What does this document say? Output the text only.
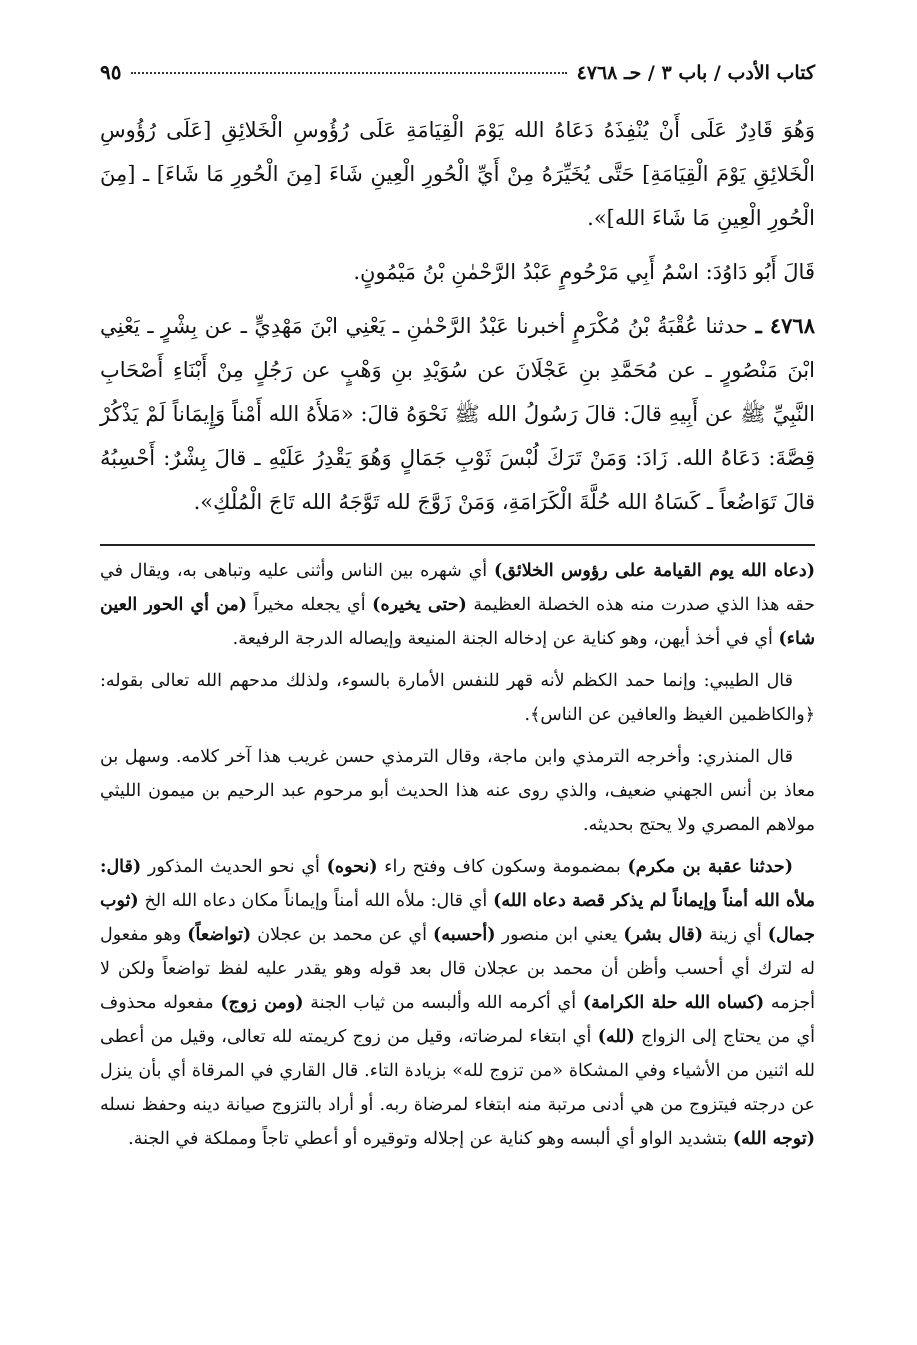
كتاب الأدب / باب ٣ / حـ ٤٧٦٨
٩٥

وَهُوَ قَادِرٌ عَلَى أَنْ يُنْفِذَهُ دَعَاهُ الله يَوْمَ الْقِيَامَةِ عَلَى رُؤُوسِ الْخَلائِقِ [عَلَى رُؤُوسِ الْخَلائِقِ يَوْمَ الْقِيَامَةِ] حَتَّى يُخَيِّرَهُ مِنْ أَيِّ الْحُورِ الْعِينِ شَاءَ [مِنَ الْحُورِ مَا شَاءَ] ـ [مِنَ الْحُورِ الْعِينِ مَا شَاءَ الله]».

قَالَ أَبُو دَاوُدَ: اسْمُ أَبِي مَرْحُومٍ عَبْدُ الرَّحْمٰنِ بْنُ مَيْمُونٍ.

٤٧٦٨ ـ حدثنا عُقْبَةُ بْنُ مُكْرَمٍ أخبرنا عَبْدُ الرَّحْمٰنِ ـ يَعْنِي ابْنَ مَهْدِيٍّ ـ عن بِشْرٍ ـ يَعْنِي ابْنَ مَنْصُورٍ ـ عن مُحَمَّدِ بنِ عَجْلَانَ عن سُوَيْدِ بنِ وَهْبٍ عن رَجُلٍ مِنْ أَبْنَاءِ أَصْحَابِ النَّبِيِّ ﷺ عن أَبِيهِ قالَ: قالَ رَسُولُ الله ﷺ نَحْوَهُ قالَ: «مَلأَهُ الله أَمْناً وَإِيمَاناً لَمْ يَذْكُرْ قِصَّةَ: دَعَاهُ الله. زَادَ: وَمَنْ تَرَكَ لُبْسَ ثَوْبِ جَمَالٍ وَهُوَ يَقْدِرُ عَلَيْهِ ـ قالَ بِشْرٌ: أَحْسِبُهُ قالَ تَوَاضُعاً ـ كَسَاهُ الله حُلَّةَ الْكَرَامَةِ، وَمَنْ زَوَّجَ لله تَوَّجَهُ الله تَاجَ الْمُلْكِ».

(دعاه الله يوم القيامة على رؤوس الخلائق) أي شهره بين الناس وأثنى عليه وتباهى به، ويقال في حقه هذا الذي صدرت منه هذه الخصلة العظيمة (حتى يخيره) أي يجعله مخيراً (من أي الحور العين شاء) أي في أخذ أيهن، وهو كناية عن إدخاله الجنة المنيعة وإيصاله الدرجة الرفيعة.

قال الطيبي: وإنما حمد الكظم لأنه قهر للنفس الأمارة بالسوء، ولذلك مدحهم الله تعالى بقوله: ﴿والكاظمين الغيظ والعافين عن الناس﴾.

قال المنذري: وأخرجه الترمذي وابن ماجة، وقال الترمذي حسن غريب هذا آخر كلامه. وسهل بن معاذ بن أنس الجهني ضعيف، والذي روى عنه هذا الحديث أبو مرحوم عبد الرحيم بن ميمون الليثي مولاهم المصري ولا يحتج بحديثه.

(حدثنا عقبة بن مكرم) بمضمومة وسكون كاف وفتح راء (نحوه) أي نحو الحديث المذكور (قال: ملأه الله أمناً وإيماناً لم يذكر قصة دعاه الله) أي قال: ملأه الله أمناً وإيماناً مكان دعاه الله الخ (ثوب جمال) أي زينة (قال بشر) يعني ابن منصور (أحسبه) أي عن محمد بن عجلان (تواضعاً) وهو مفعول له لترك أي أحسب وأظن أن محمد بن عجلان قال بعد قوله وهو يقدر عليه لفظ تواضعاً ولكن لا أجزمه (كساه الله حلة الكرامة) أي أكرمه الله وألبسه من ثياب الجنة (ومن زوج) مفعوله محذوف أي من يحتاج إلى الزواج (لله) أي ابتغاء لمرضاته، وقيل من زوج كريمته لله تعالى، وقيل من أعطى لله اثنين من الأشياء وفي المشكاة «من تزوج لله» بزيادة التاء. قال القاري في المرقاة أي بأن ينزل عن درجته فيتزوج من هي أدنى مرتبة منه ابتغاء لمرضاة ربه. أو أراد بالتزوج صيانة دينه وحفظ نسله (توجه الله) بتشديد الواو أي ألبسه وهو كناية عن إجلاله وتوقيره أو أعطي تاجاً ومملكة في الجنة.
